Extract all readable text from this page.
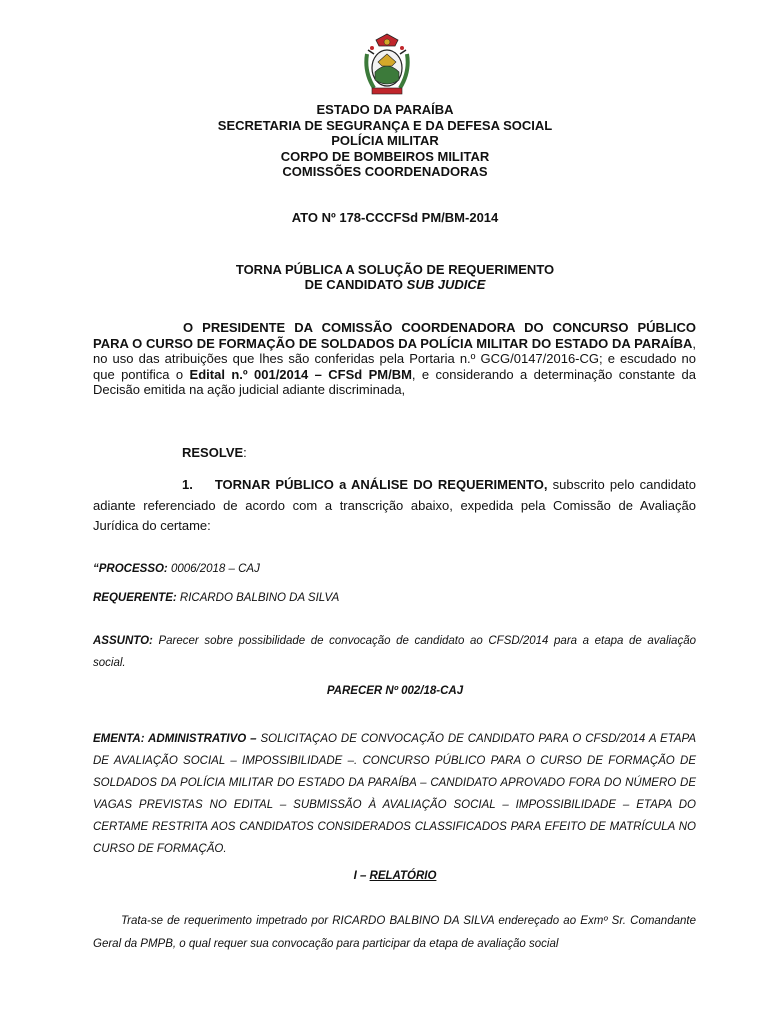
ESTADO DA PARAÍBA
SECRETARIA DE SEGURANÇA E DA DEFESA SOCIAL
POLÍCIA MILITAR
CORPO DE BOMBEIROS MILITAR
COMISSÕES COORDENADORAS
ATO Nº 178-CCCFSd PM/BM-2014
TORNA PÚBLICA A SOLUÇÃO DE REQUERIMENTO
DE CANDIDATO SUB JUDICE
O PRESIDENTE DA COMISSÃO COORDENADORA DO CONCURSO PÚBLICO PARA O CURSO DE FORMAÇÃO DE SOLDADOS DA POLÍCIA MILITAR DO ESTADO DA PARAÍBA, no uso das atribuições que lhes são conferidas pela Portaria n.º GCG/0147/2016-CG; e escudado no que pontifica o Edital n.º 001/2014 – CFSd PM/BM, e considerando a determinação constante da Decisão emitida na ação judicial adiante discriminada,
RESOLVE:
1. TORNAR PÚBLICO a ANÁLISE DO REQUERIMENTO, subscrito pelo candidato adiante referenciado de acordo com a transcrição abaixo, expedida pela Comissão de Avaliação Jurídica do certame:
“PROCESSO: 0006/2018 – CAJ
REQUERENTE: RICARDO BALBINO DA SILVA
ASSUNTO: Parecer sobre possibilidade de convocação de candidato ao CFSD/2014 para a etapa de avaliação social.
PARECER Nº 002/18-CAJ
EMENTA: ADMINISTRATIVO – SOLICITAÇAO DE CONVOCAÇÃO DE CANDIDATO PARA O CFSD/2014 A ETAPA DE AVALIAÇÃO SOCIAL – IMPOSSIBILIDADE –. CONCURSO PÚBLICO PARA O CURSO DE FORMAÇÃO DE SOLDADOS DA POLÍCIA MILITAR DO ESTADO DA PARAÍBA – CANDIDATO APROVADO FORA DO NÚMERO DE VAGAS PREVISTAS NO EDITAL – SUBMISSÃO À AVALIAÇÃO SOCIAL – IMPOSSIBILIDADE – ETAPA DO CERTAME RESTRITA AOS CANDIDATOS CONSIDERADOS CLASSIFICADOS PARA EFEITO DE MATRÍCULA NO CURSO DE FORMAÇÃO.
I – RELATÓRIO
Trata-se de requerimento impetrado por RICARDO BALBINO DA SILVA endereçado ao Exmº Sr. Comandante Geral da PMPB, o qual requer sua convocação para participar da etapa de avaliação social
